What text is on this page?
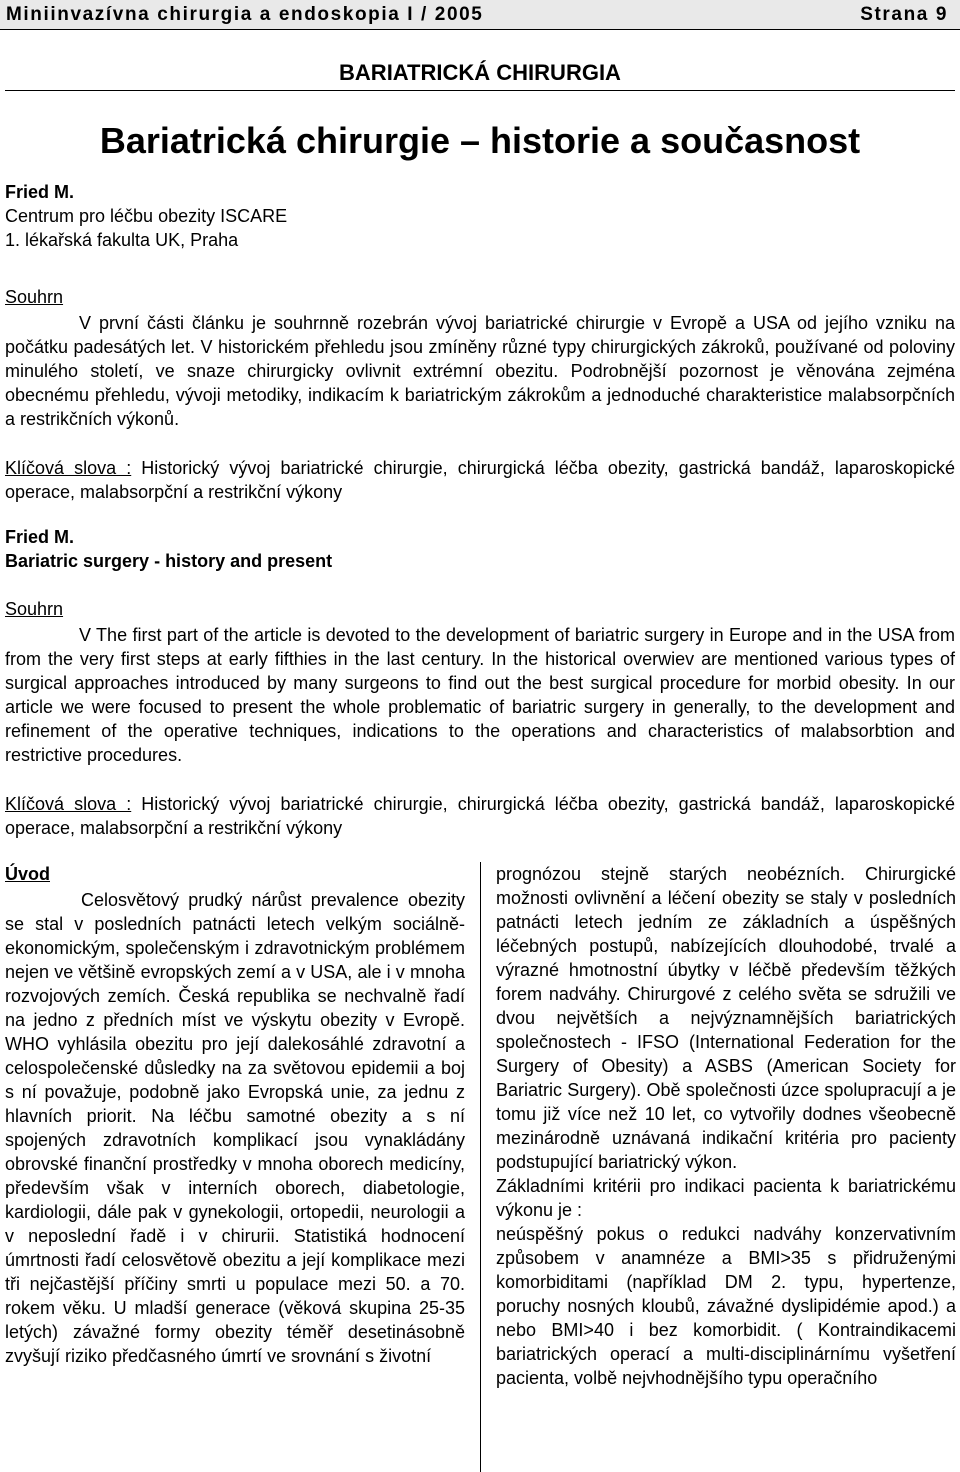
Miniinvazívna chirurgia a endoskopia I / 2005	Strana 9
BARIATRICKÁ CHIRURGIA
Bariatrická chirurgie – historie a současnost
Fried M.
Centrum pro léčbu obezity ISCARE
1. lékařská fakulta UK, Praha
Souhrn

V první části článku je souhrnně rozebrán vývoj bariatrické chirurgie v Evropě a USA od jejího vzniku na počátku padesátých let. V historickém přehledu jsou zmíněny různé typy chirurgických zákroků, používané od poloviny minulého století, ve snaze chirurgicky ovlivnit extrémní obezitu. Podrobnější pozornost je věnována zejména obecnému přehledu, vývoji metodiky, indikacím k bariatrickým zákrokům a jednoduché charakteristice malabsorpčních a restrikčních výkonů.

Klíčová slova : Historický vývoj bariatrické chirurgie, chirurgická léčba obezity, gastrická bandáž, laparoskopické operace, malabsorpční a restrikční výkony
Fried M.
Bariatric surgery - history and present
Souhrn

V The first part of the article is devoted to the development of bariatric surgery in Europe and in the USA from from the very first steps at early fifthies in the last century. In the historical overwiev are mentioned various types of surgical approaches introduced by many surgeons to find out the best surgical procedure for morbid obesity. In our article we were focused to present the whole problematic of bariatric surgery in generally, to the development and refinement of the operative techniques, indications to the operations and characteristics of malabsorbtion and restrictive procedures.

Klíčová slova : Historický vývoj bariatrické chirurgie, chirurgická léčba obezity, gastrická bandáž, laparoskopické operace, malabsorpční a restrikční výkony

Úvod

Celosvětový prudký nárůst prevalence obezity se stal v posledních patnácti letech velkým sociálně-ekonomickým, společenským i zdravotnickým problémem nejen ve většině evropských zemí a v USA, ale i v mnoha rozvojových zemích. Česká republika se nechvalně řadí na jedno z předních míst ve výskytu obezity v Evropě. WHO vyhlásila obezitu pro její dalekosáhlé zdravotní a celospolečenské důsledky na za světovou epidemii a boj s ní považuje, podobně jako Evropská unie, za jednu z hlavních priorit. Na léčbu samotné obezity a s ní spojených zdravotních komplikací jsou vynakládány obrovské finanční prostředky v mnoha oborech medicíny, především však v interních oborech, diabetologie, kardiologii, dále pak v gynekologii, ortopedii, neurologii a v neposlední řadě i v chirurii. Statistiká hodnocení úmrtnosti řadí celosvětově obezitu a její komplikace mezi tři nejčastější příčiny smrti u populace mezi 50. a 70. rokem věku. U mladší generace (věková skupina 25-35 letých) závažné formy obezity téměř desetinásobně zvyšují riziko předčasného úmrtí ve srovnání s životní

prognózou stejně starých neobézních. Chirurgické možnosti ovlivnění a léčení obezity se staly v posledních patnácti letech jedním ze základních a úspěšných léčebných postupů, nabízejících dlouhodobé, trvalé a výrazné hmotnostní úbytky v léčbě především těžkých forem nadváhy. Chirurgové z celého světa se sdružili ve dvou největších a nejvýznamnějších bariatrických společnostech - IFSO (International Federation for the Surgery of Obesity) a ASBS (American Society for Bariatric Surgery). Obě společnosti úzce spolupracují a je tomu již více než 10 let, co vytvořily dodnes všeobecně mezinárodně uznávaná indikační kritéria pro pacienty podstupující bariatrický výkon.

Základními kritérii pro indikaci pacienta k bariatrickému výkonu je :

neúspěšný pokus o redukci nadváhy konzervativním způsobem v anamnéze a BMI>35 s přidruženými komorbiditami (například DM 2. typu, hypertenze, poruchy nosných kloubů, závažné dyslipidémie apod.) a nebo BMI>40 i bez komorbidit. ( Kontraindikacemi bariatrických operací a multi-disciplinárnímu vyšetření pacienta, volbě nejvhodnějšího typu operačního
